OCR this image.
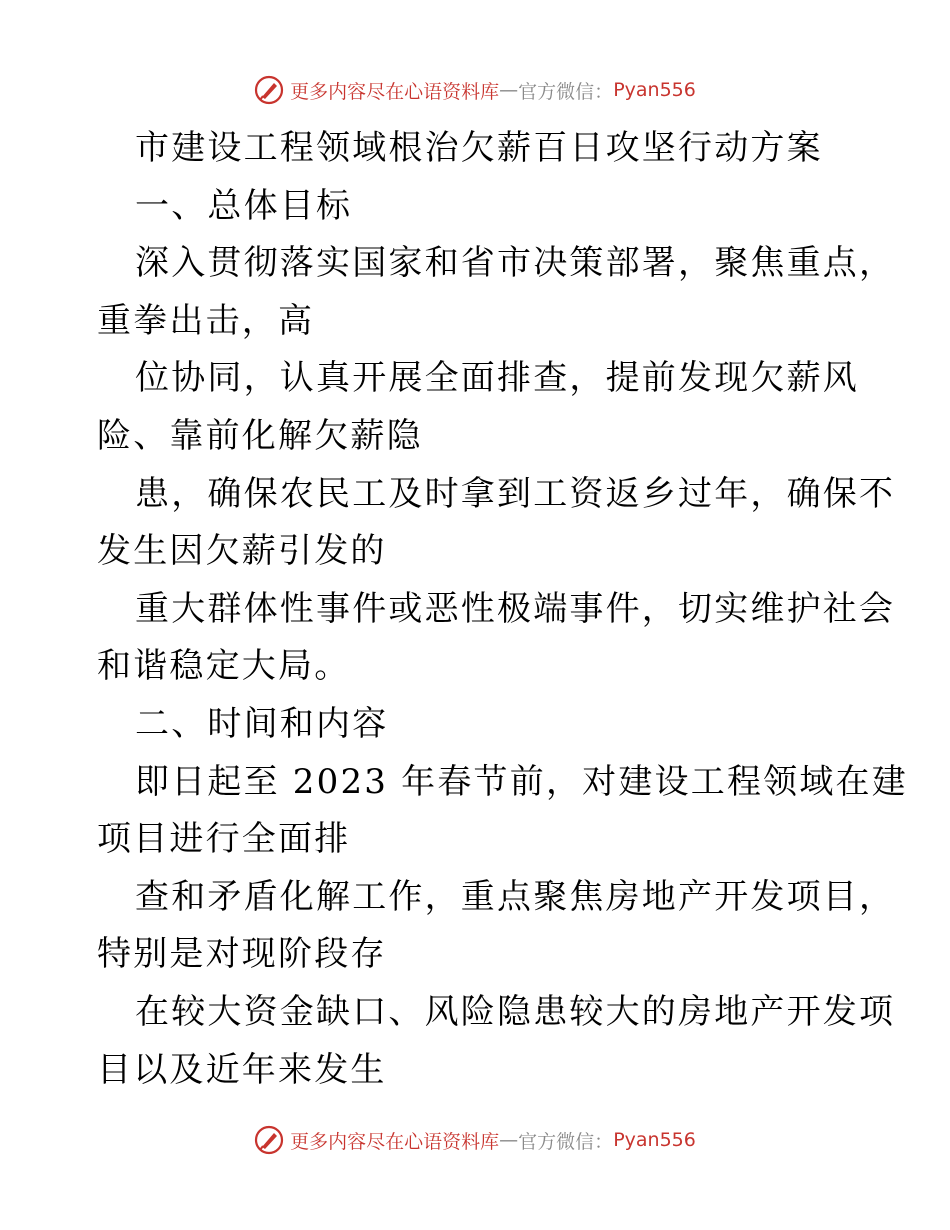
更多内容尽在心语资料库 — 官方微信： Pyan556
市建设工程领域根治欠薪百日攻坚行动方案
一、总体目标
深入贯彻落实国家和省市决策部署，聚焦重点，
重拳出击，高
位协同，认真开展全面排查，提前发现欠薪风
险、靠前化解欠薪隐
患，确保农民工及时拿到工资返乡过年，确保不
发生因欠薪引发的
重大群体性事件或恶性极端事件，切实维护社会
和谐稳定大局。
二、时间和内容
即日起至 2023 年春节前，对建设工程领域在建
项目进行全面排
查和矛盾化解工作，重点聚焦房地产开发项目，
特别是对现阶段存
在较大资金缺口、风险隐患较大的房地产开发项
目以及近年来发生
更多内容尽在心语资料库 — 官方微信： Pyan556
